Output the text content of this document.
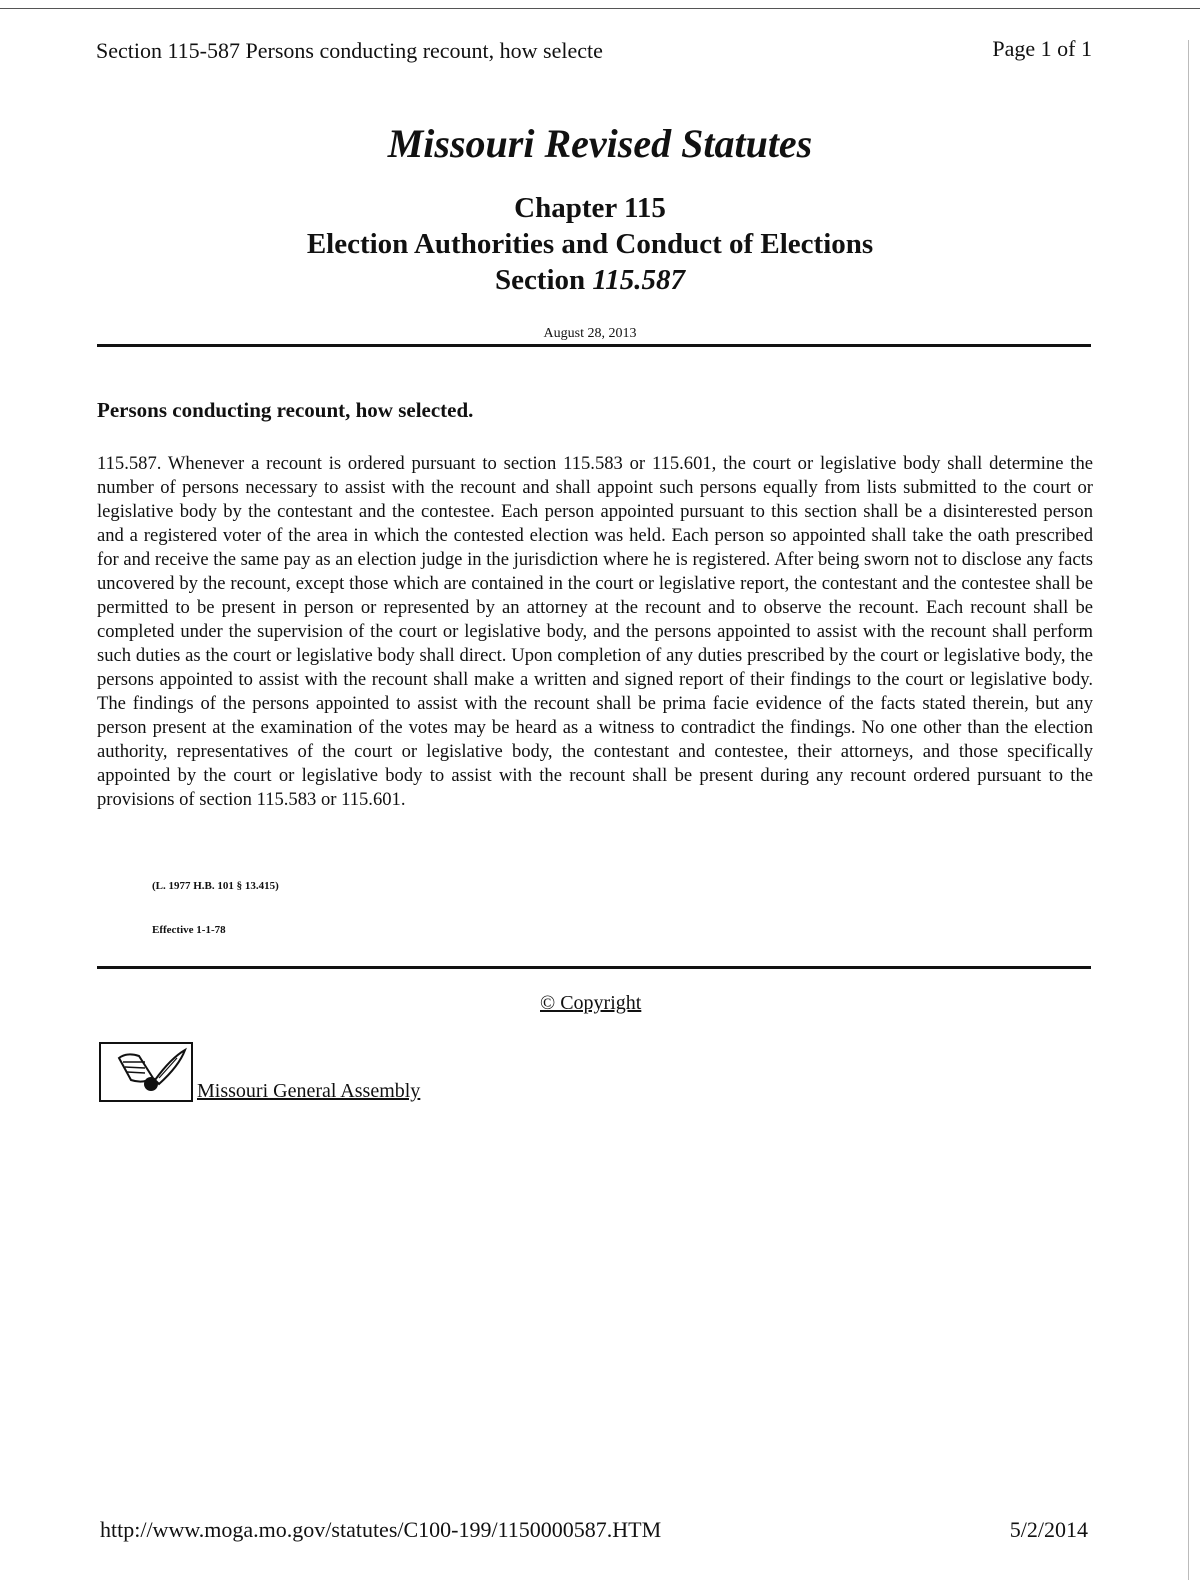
Section 115-587 Persons conducting recount, how selecte	Page 1 of 1
Missouri Revised Statutes
Chapter 115
Election Authorities and Conduct of Elections
Section 115.587
August 28, 2013
Persons conducting recount, how selected.
115.587. Whenever a recount is ordered pursuant to section 115.583 or 115.601, the court or legislative body shall determine the number of persons necessary to assist with the recount and shall appoint such persons equally from lists submitted to the court or legislative body by the contestant and the contestee. Each person appointed pursuant to this section shall be a disinterested person and a registered voter of the area in which the contested election was held. Each person so appointed shall take the oath prescribed for and receive the same pay as an election judge in the jurisdiction where he is registered. After being sworn not to disclose any facts uncovered by the recount, except those which are contained in the court or legislative report, the contestant and the contestee shall be permitted to be present in person or represented by an attorney at the recount and to observe the recount. Each recount shall be completed under the supervision of the court or legislative body, and the persons appointed to assist with the recount shall perform such duties as the court or legislative body shall direct. Upon completion of any duties prescribed by the court or legislative body, the persons appointed to assist with the recount shall make a written and signed report of their findings to the court or legislative body. The findings of the persons appointed to assist with the recount shall be prima facie evidence of the facts stated therein, but any person present at the examination of the votes may be heard as a witness to contradict the findings. No one other than the election authority, representatives of the court or legislative body, the contestant and contestee, their attorneys, and those specifically appointed by the court or legislative body to assist with the recount shall be present during any recount ordered pursuant to the provisions of section 115.583 or 115.601.
(L. 1977 H.B. 101 § 13.415)
Effective 1-1-78
© Copyright
Missouri General Assembly
http://www.moga.mo.gov/statutes/C100-199/1150000587.HTM	5/2/2014
